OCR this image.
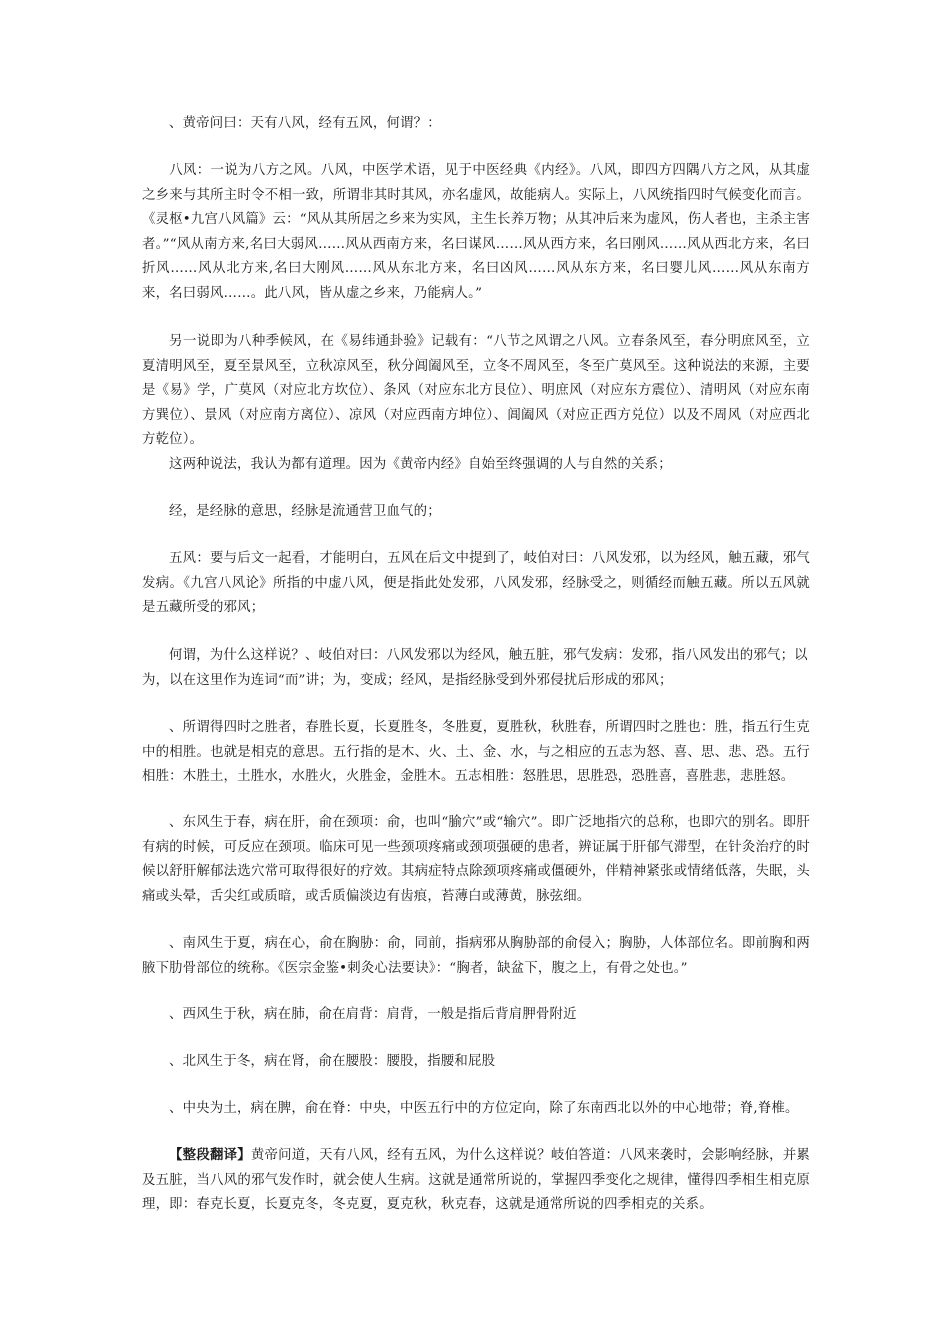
、黄帝问曰：天有八风，经有五风，何谓？：

八风：一说为八方之风。八风，中医学术语，见于中医经典《内经》。八风，即四方四隅八方之风，从其虚之乡来与其所主时令不相一致，所谓非其时其风，亦名虚风，故能病人。实际上，八风统指四时气候变化而言。《灵枢•九宫八风篇》云：“风从其所居之乡来为实风，主生长养万物；从其冲后来为虚风，伤人者也，主杀主害者。”“风从南方来,名曰大弱风……风从西南方来，名曰谋风……风从西方来，名曰刚风……风从西北方来，名曰折风……风从北方来,名曰大刚风……风从东北方来，名曰凶风……风从东方来，名曰婴儿风……风从东南方来，名曰弱风……。此八风，皆从虚之乡来，乃能病人。”

另一说即为八种季候风，在《易纬通卦验》记载有：“八节之风谓之八风。立春条风至，春分明庶风至，立夏清明风至，夏至景风至，立秋凉风至，秋分阊阖风至，立冬不周风至，冬至广莫风至。这种说法的来源，主要是《易》学，广莫风（对应北方坎位）、条风（对应东北方艮位）、明庶风（对应东方震位）、清明风（对应东南方巽位）、景风（对应南方离位）、凉风（对应西南方坤位）、阊阖风（对应正西方兑位）以及不周风（对应西北方乾位）。

这两种说法，我认为都有道理。因为《黄帝内经》自始至终强调的人与自然的关系；

经，是经脉的意思，经脉是流通营卫血气的；

五风：要与后文一起看，才能明白，五风在后文中提到了，岐伯对曰：八风发邪，以为经风，触五藏，邪气发病。《九宫八风论》所指的中虚八风，便是指此处发邪，八风发邪，经脉受之，则循经而触五藏。所以五风就是五藏所受的邪风；

何谓，为什么这样说？、岐伯对曰：八风发邪以为经风，触五脏，邪气发病：发邪，指八风发出的邪气；以
为，以在这里作为连词“而”讲；为，变成；经风，是指经脉受到外邪侵扰后形成的邪风；

、所谓得四时之胜者，春胜长夏，长夏胜冬，冬胜夏，夏胜秋，秋胜春，所谓四时之胜也：胜，指五行生克中的相胜。也就是相克的意思。五行指的是木、火、土、金、水，与之相应的五志为怒、喜、思、悲、恐。五行相胜：木胜土，土胜水，水胜火，火胜金，金胜木。五志相胜：怒胜思，思胜恐，恐胜喜，喜胜悲，悲胜怒。

、东风生于春，病在肝，俞在颈项：俞，也叫“腧穴”或“输穴”。即广泛地指穴的总称，也即穴的别名。即肝有病的时候，可反应在颈项。临床可见一些颈项疼痛或颈项强硬的患者，辨证属于肝郁气滞型，在针灸治疗的时候以舒肝解郁法选穴常可取得很好的疗效。其病症特点除颈项疼痛或僵硬外，伴精神紧张或情绪低落，失眠，头痛或头晕，舌尖红或质暗，或舌质偏淡边有齿痕，苔薄白或薄黄，脉弦细。

、南风生于夏，病在心，俞在胸胁：俞，同前，指病邪从胸胁部的俞侵入；胸胁，人体部位名。即前胸和两腋下肋骨部位的统称。《医宗金鉴•刺灸心法要诀》：“胸者，缺盆下，腹之上，有骨之处也。”

、西风生于秋，病在肺，俞在肩背：肩背，一般是指后背肩胛骨附近

、北风生于冬，病在肾，俞在腰股：腰股，指腰和屁股

、中央为土，病在脾，俞在脊：中央，中医五行中的方位定向，除了东南西北以外的中心地带；脊,脊椎。

【整段翻译】黄帝问道，天有八风，经有五风，为什么这样说？岐伯答道：八风来袭时，会影响经脉，并累及五脏，当八风的邪气发作时，就会使人生病。这就是通常所说的，掌握四季变化之规律，懂得四季相生相克原理，即：春克长夏，长夏克冬，冬克夏，夏克秋，秋克春，这就是通常所说的四季相克的关系。
